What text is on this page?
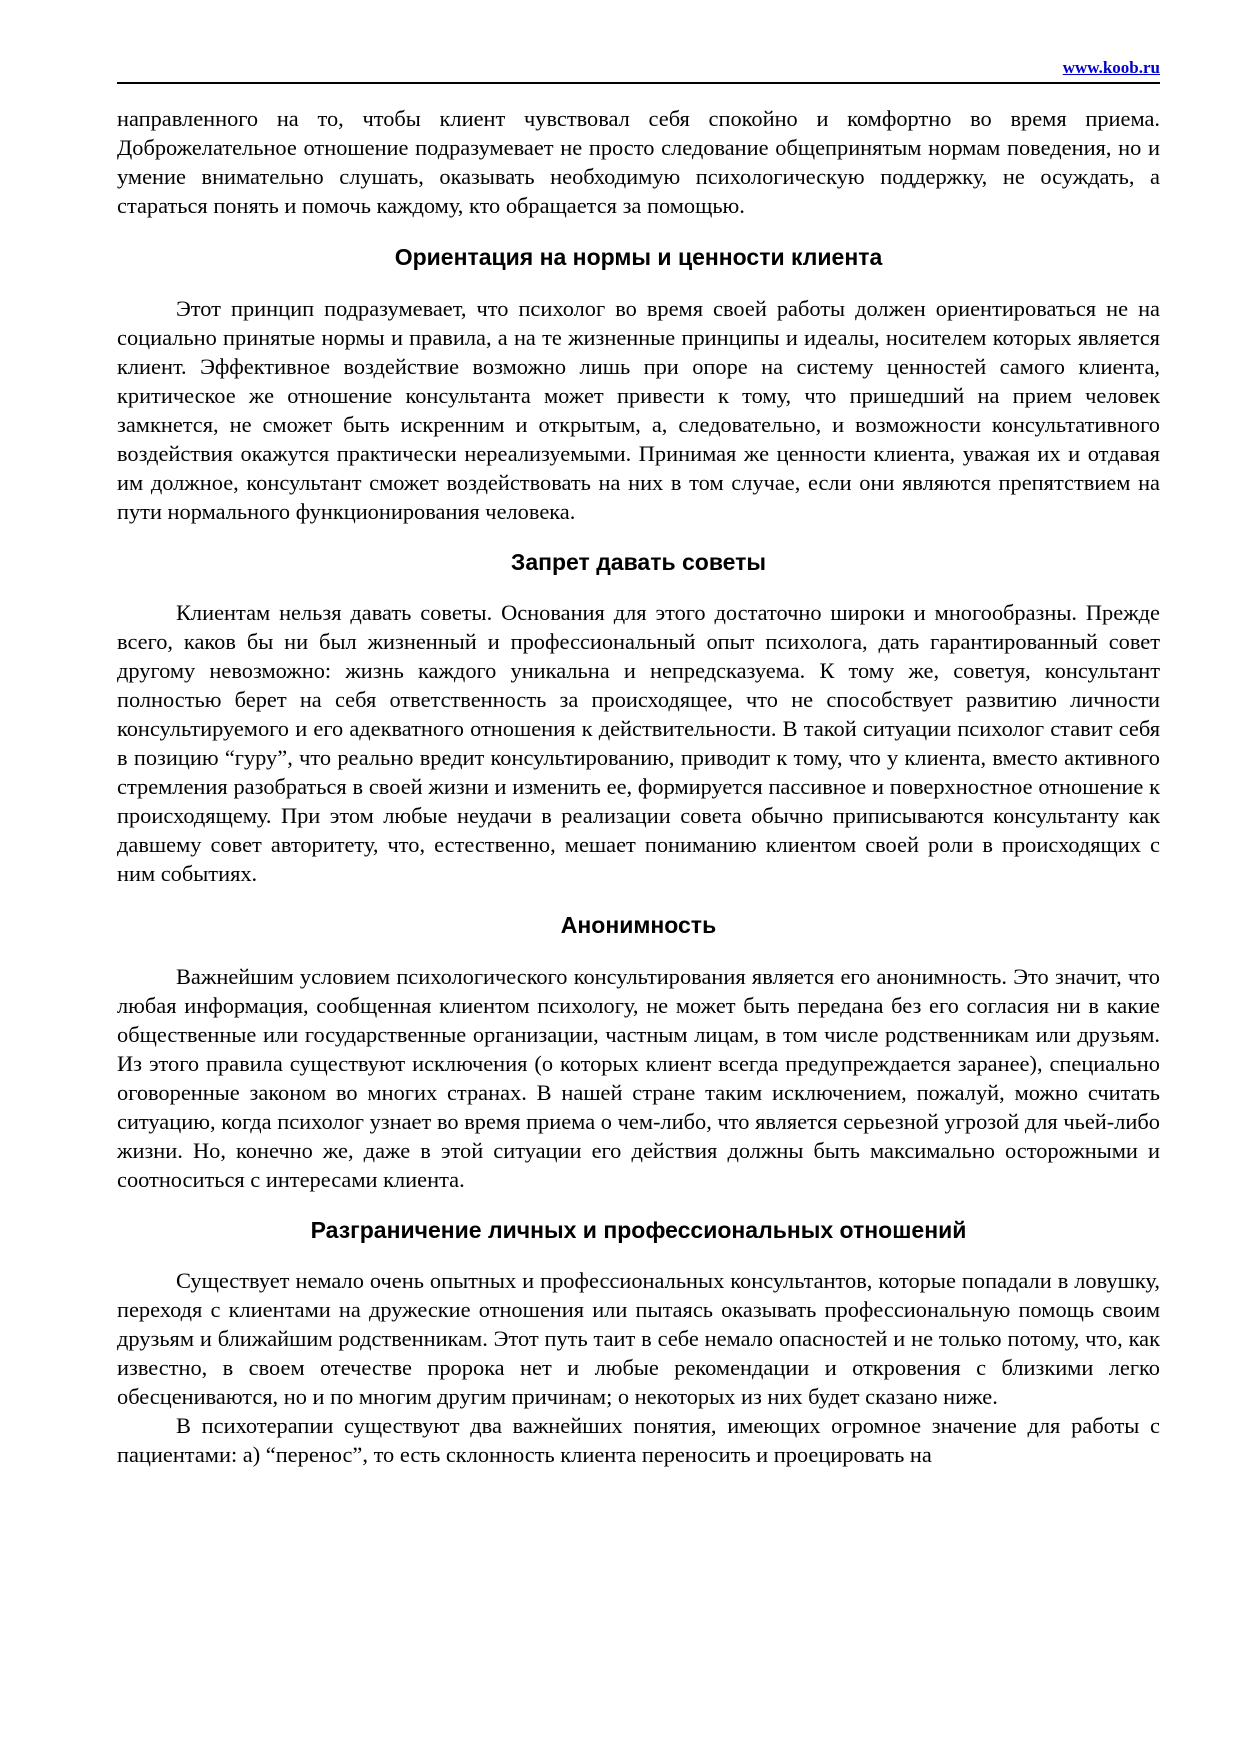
www.koob.ru

направленного на то, чтобы клиент чувствовал себя спокойно и комфортно во время приема. Доброжелательное отношение подразумевает не просто следование общепринятым нормам поведения, но и умение внимательно слушать, оказывать необходимую психологическую поддержку, не осуждать, а стараться понять и помочь каждому, кто обращается за помощью.

Ориентация на нормы и ценности клиента

Этот принцип подразумевает, что психолог во время своей работы должен ориентироваться не на социально принятые нормы и правила, а на те жизненные принципы и идеалы, носителем которых является клиент. Эффективное воздействие возможно лишь при опоре на систему ценностей самого клиента, критическое же отношение консультанта может привести к тому, что пришедший на прием человек замкнется, не сможет быть искренним и открытым, а, следовательно, и возможности консультативного воздействия окажутся практически нереализуемыми. Принимая же ценности клиента, уважая их и отдавая им должное, консультант сможет воздействовать на них в том случае, если они являются препятствием на пути нормального функционирования человека.

Запрет давать советы

Клиентам нельзя давать советы. Основания для этого достаточно широки и многообразны. Прежде всего, каков бы ни был жизненный и профессиональный опыт психолога, дать гарантированный совет другому невозможно: жизнь каждого уникальна и непредсказуема. К тому же, советуя, консультант полностью берет на себя ответственность за происходящее, что не способствует развитию личности консультируемого и его адекватного отношения к действительности. В такой ситуации психолог ставит себя в позицию “гуру”, что реально вредит консультированию, приводит к тому, что у клиента, вместо активного стремления разобраться в своей жизни и изменить ее, формируется пассивное и поверхностное отношение к происходящему. При этом любые неудачи в реализации совета обычно приписываются консультанту как давшему совет авторитету, что, естественно, мешает пониманию клиентом своей роли в происходящих с ним событиях.

Анонимность

Важнейшим условием психологического консультирования является его анонимность. Это значит, что любая информация, сообщенная клиентом психологу, не может быть передана без его согласия ни в какие общественные или государственные организации, частным лицам, в том числе родственникам или друзьям. Из этого правила существуют исключения (о которых клиент всегда предупреждается заранее), специально оговоренные законом во многих странах. В нашей стране таким исключением, пожалуй, можно считать ситуацию, когда психолог узнает во время приема о чем-либо, что является серьезной угрозой для чьей-либо жизни. Но, конечно же, даже в этой ситуации его действия должны быть максимально осторожными и соотноситься с интересами клиента.

Разграничение личных и профессиональных отношений

Существует немало очень опытных и профессиональных консультантов, которые попадали в ловушку, переходя с клиентами на дружеские отношения или пытаясь оказывать профессиональную помощь своим друзьям и ближайшим родственникам. Этот путь таит в себе немало опасностей и не только потому, что, как известно, в своем отечестве пророка нет и любые рекомендации и откровения с близкими легко обесцениваются, но и по многим другим причинам; о некоторых из них будет сказано ниже.

В психотерапии существуют два важнейших понятия, имеющих огромное значение для работы с пациентами: а) “перенос”, то есть склонность клиента переносить и проецировать на
